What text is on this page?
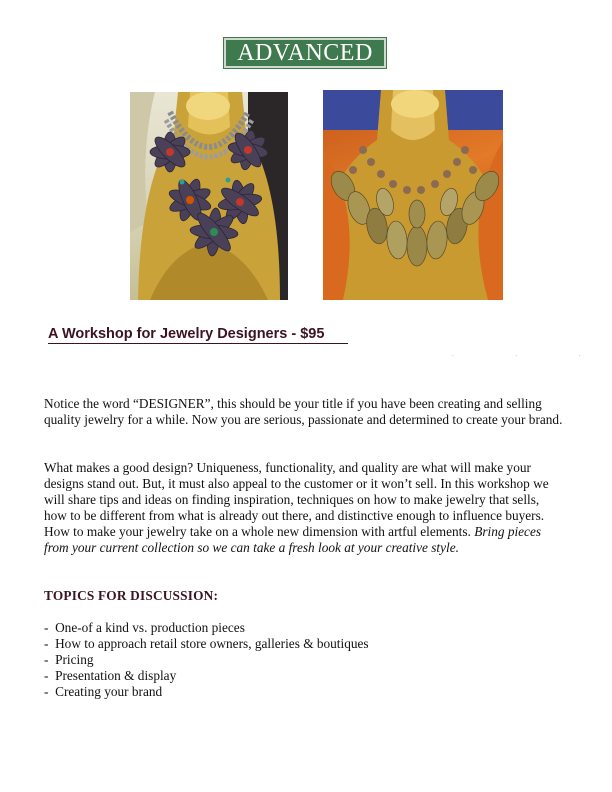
ADVANCED
A Workshop for Jewelry Designers - $95
. . .

Notice the word “DESIGNER”, this should be your title if you have been creating and selling quality jewelry for a while. Now you are serious, passionate and determined to create your brand.

What makes a good design? Uniqueness, functionality, and quality are what will make your designs stand out. But, it must also appeal to the customer or it won’t sell. In this workshop we will share tips and ideas on finding inspiration, techniques on how to make jewelry that sells, how to be different from what is already out there, and distinctive enough to influence buyers. How to make your jewelry take on a whole new dimension with artful elements. Bring pieces from your current collection so we can take a fresh look at your creative style.

TOPICS FOR DISCUSSION:
- One-of a kind vs. production pieces
- How to approach retail store owners, galleries & boutiques
- Pricing
- Presentation & display
- Creating your brand
